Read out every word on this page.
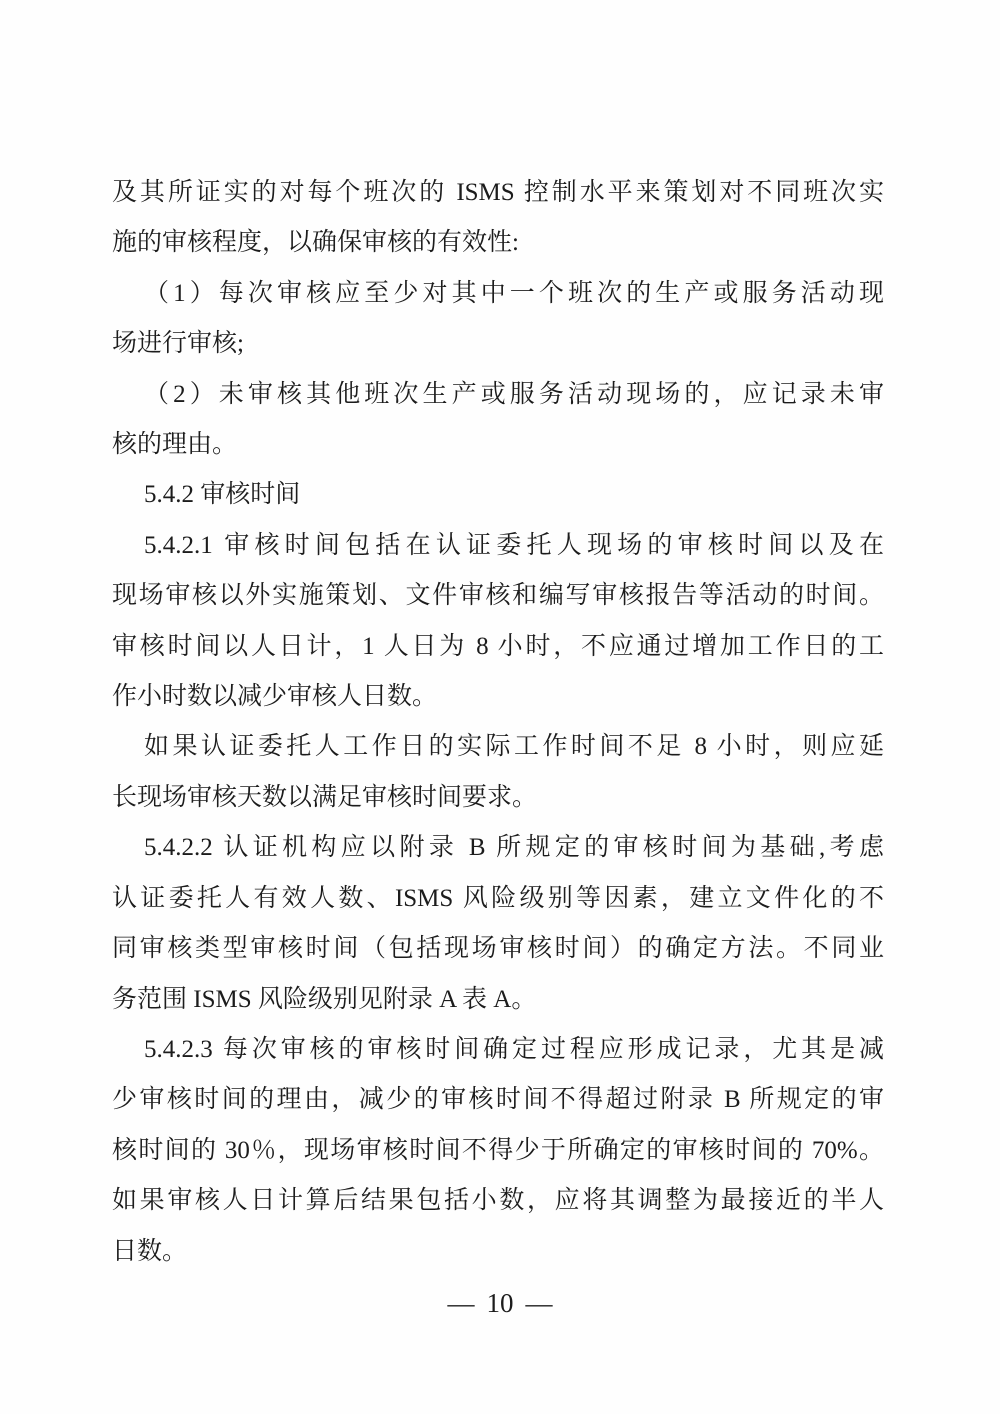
及其所证实的对每个班次的 ISMS 控制水平来策划对不同班次实
施的审核程度，以确保审核的有效性:
（1）每次审核应至少对其中一个班次的生产或服务活动现
场进行审核;
（2）未审核其他班次生产或服务活动现场的，应记录未审
核的理由。
5.4.2 审核时间
5.4.2.1 审核时间包括在认证委托人现场的审核时间以及在
现场审核以外实施策划、文件审核和编写审核报告等活动的时间。
审核时间以人日计，1 人日为 8 小时，不应通过增加工作日的工
作小时数以减少审核人日数。
如果认证委托人工作日的实际工作时间不足 8 小时，则应延
长现场审核天数以满足审核时间要求。
5.4.2.2 认证机构应以附录 B 所规定的审核时间为基础,考虑
认证委托人有效人数、ISMS 风险级别等因素，建立文件化的不
同审核类型审核时间（包括现场审核时间）的确定方法。不同业
务范围 ISMS 风险级别见附录 A 表 A。
5.4.2.3 每次审核的审核时间确定过程应形成记录，尤其是减
少审核时间的理由，减少的审核时间不得超过附录 B 所规定的审
核时间的 30％，现场审核时间不得少于所确定的审核时间的 70%。
如果审核人日计算后结果包括小数，应将其调整为最接近的半人
日数。
— 10 —
